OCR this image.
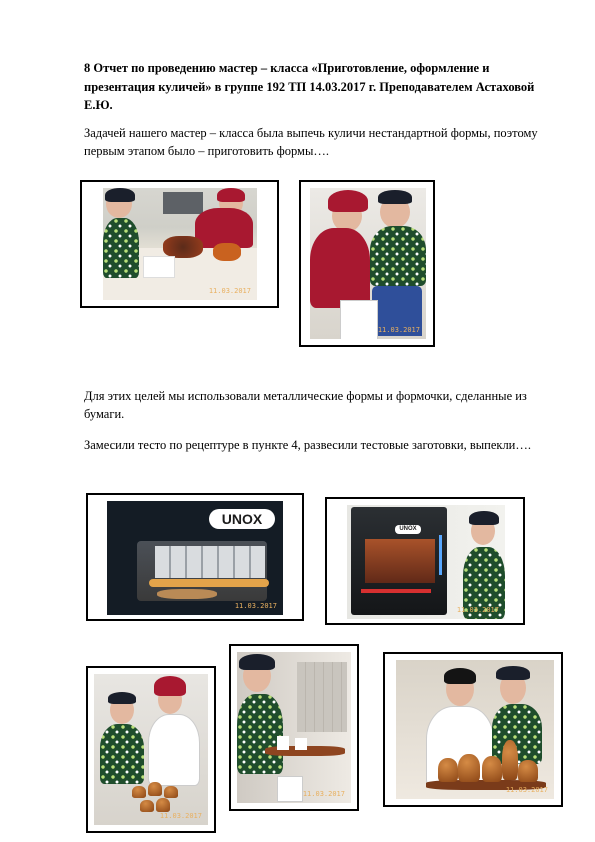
8 Отчет по проведению мастер – класса «Приготовление, оформление и презентация куличей» в группе 192 ТП 14.03.2017 г. Преподавателем Астаховой Е.Ю.
Задачей нашего мастер – класса была выпечь куличи нестандартной формы, поэтому первым этапом было – приготовить формы….
11.03.2017
11.03.2017
Для этих целей мы использовали металлические формы и формочки, сделанные из бумаги.
Замесили тесто по рецептуре в пункте 4, развесили тестовые заготовки, выпекли….
UNOX
11.03.2017
UNOX
11.03.2017
11.03.2017
11.03.2017	11.03.2017
